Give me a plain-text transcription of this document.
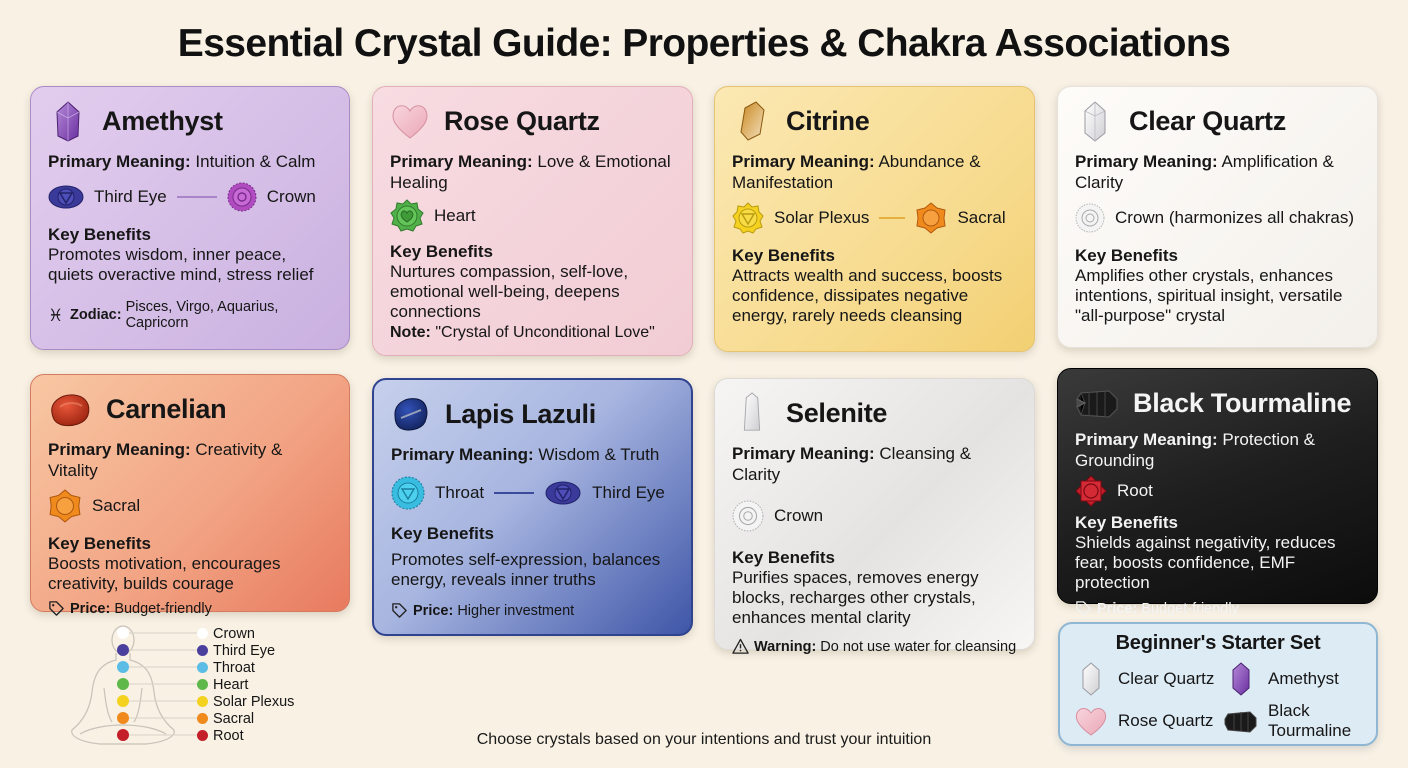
Essential Crystal Guide: Properties & Chakra Associations
Amethyst
Primary Meaning: Intuition & Calm
Third Eye	Crown
Key Benefits
Promotes wisdom, inner peace, quiets overactive mind, stress relief
♓ Zodiac: Pisces, Virgo, Aquarius, Capricorn
Rose Quartz
Primary Meaning: Love & Emotional Healing
Heart
Key Benefits
Nurtures compassion, self-love, emotional well-being, deepens connections
Note: "Crystal of Unconditional Love"
Citrine
Primary Meaning: Abundance & Manifestation
Solar Plexus	Sacral
Key Benefits
Attracts wealth and success, boosts confidence, dissipates negative energy, rarely needs cleansing
Clear Quartz
Primary Meaning: Amplification & Clarity
Crown (harmonizes all chakras)
Key Benefits
Amplifies other crystals, enhances intentions, spiritual insight, versatile "all-purpose" crystal
Carnelian
Primary Meaning: Creativity & Vitality
Sacral
Key Benefits
Boosts motivation, encourages creativity, builds courage
Price: Budget-friendly
Lapis Lazuli
Primary Meaning: Wisdom & Truth
Throat	Third Eye
Key Benefits
Promotes self-expression, balances energy, reveals inner truths
Price: Higher investment
Selenite
Primary Meaning: Cleansing & Clarity
Crown
Key Benefits
Purifies spaces, removes energy blocks, recharges other crystals, enhances mental clarity
Warning: Do not use water for cleansing
Black Tourmaline
Primary Meaning: Protection & Grounding
Root
Key Benefits
Shields against negativity, reduces fear, boosts confidence, EMF protection
Price: Budget-friendly
Crown
Third Eye
Throat
Heart
Solar Plexus
Sacral
Root
Beginner's Starter Set
Clear Quartz	Amethyst
Rose Quartz
Black Tourmaline
Choose crystals based on your intentions and trust your intuition
